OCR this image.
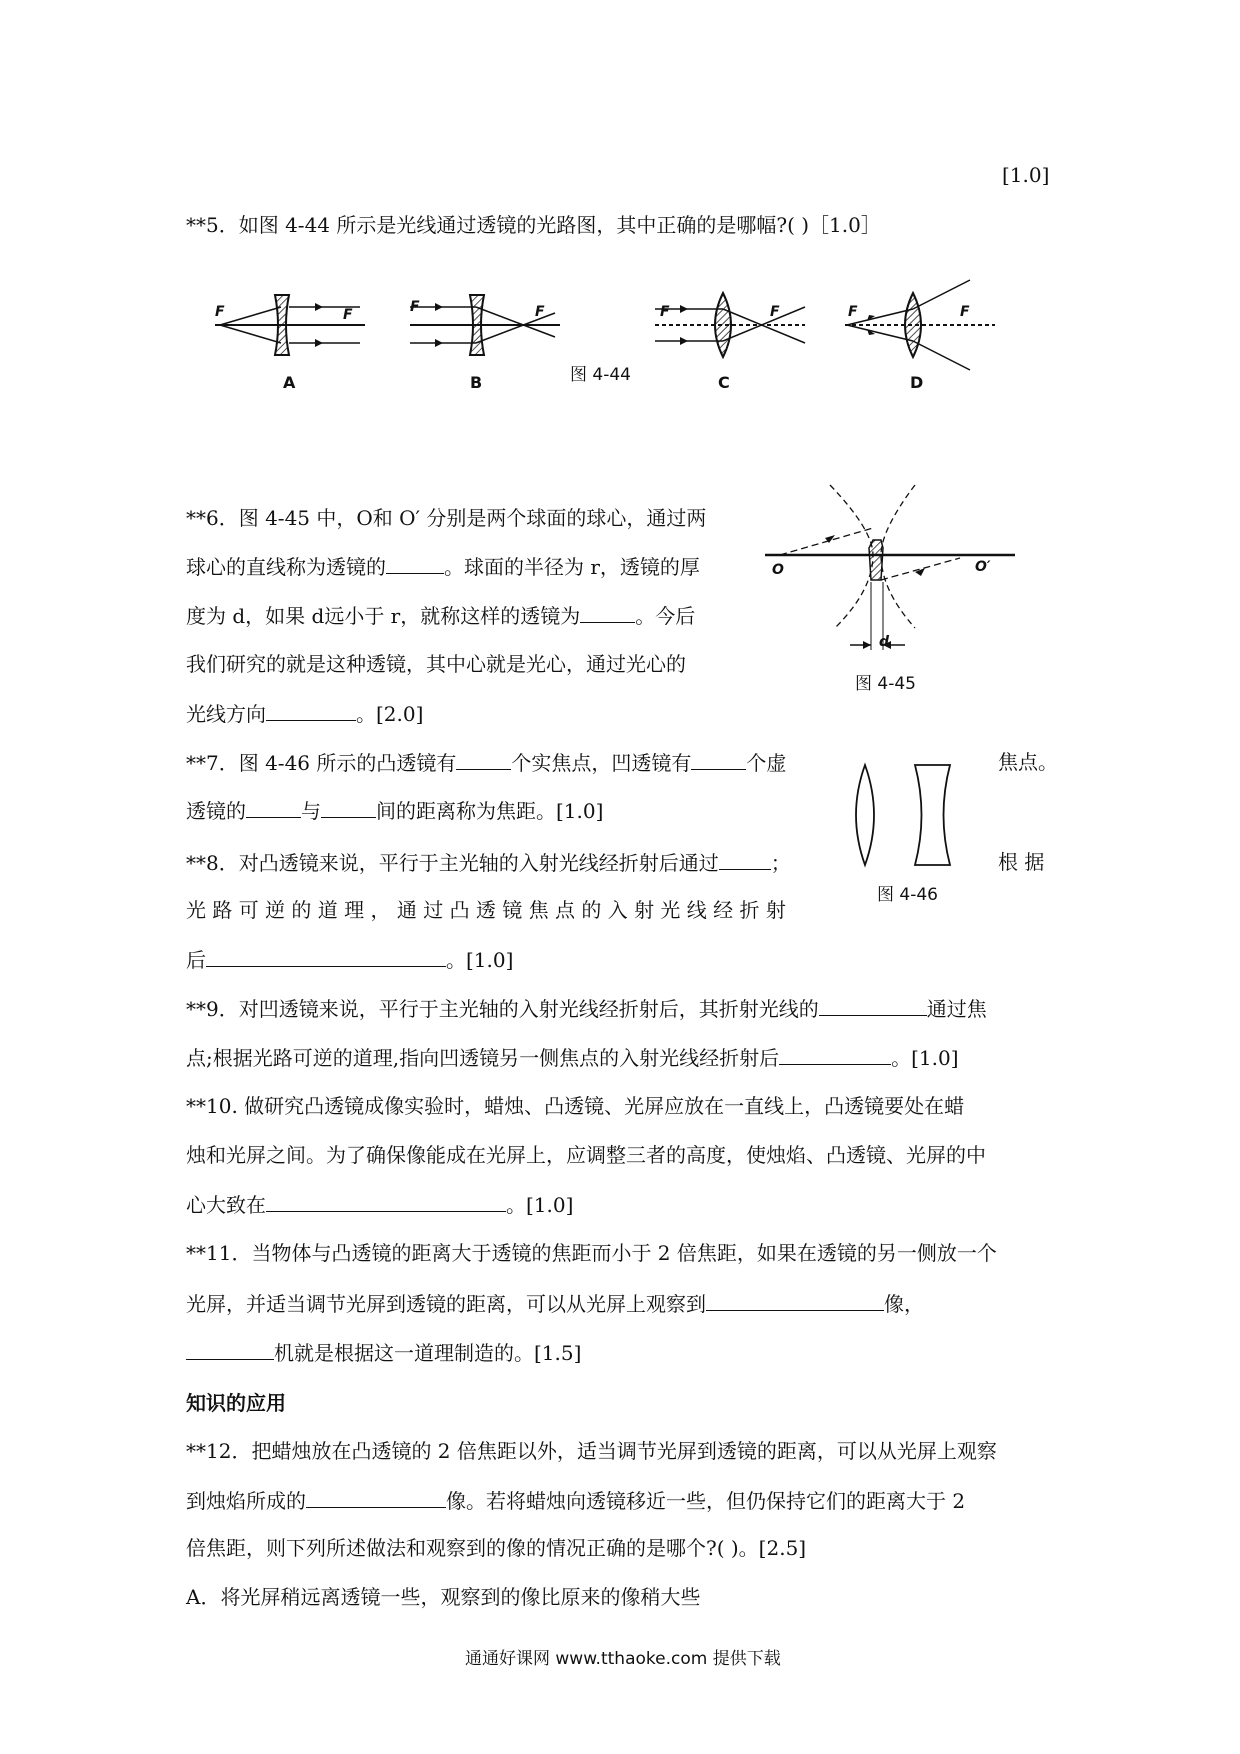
[1.0]
**5．如图 4-44 所示是光线通过透镜的光路图，其中正确的是哪幅?( )［1.0］
F	F
A
F	F
B
F	F
C
F	F
D
图 4-44
**6．图 4-45 中，O和 O′ 分别是两个球面的球心，通过两
球心的直线称为透镜的	。球面的半径为 r，透镜的厚
度为 d，如果 d远小于 r，就称这样的透镜为	。今后
我们研究的就是这种透镜，其中心就是光心，通过光心的
光线方向	。[2.0]
O	O′
d
图 4-45
**7．图 4-46 所示的凸透镜有	个实焦点，凹透镜有	个虚	焦点。
透镜的	与	间的距离称为焦距。[1.0]
图 4-46
**8．对凸透镜来说，平行于主光轴的入射光线经折射后通过	；	根 据
光 路 可 逆 的 道 理 ， 通 过 凸 透 镜 焦 点 的 入 射 光 线 经 折 射
后	。[1.0]
**9．对凹透镜来说，平行于主光轴的入射光线经折射后，其折射光线的	通过焦
点;根据光路可逆的道理,指向凹透镜另一侧焦点的入射光线经折射后	。[1.0]
**10. 做研究凸透镜成像实验时，蜡烛、凸透镜、光屏应放在一直线上，凸透镜要处在蜡
烛和光屏之间。为了确保像能成在光屏上，应调整三者的高度，使烛焰、凸透镜、光屏的中
心大致在	。[1.0]
**11．当物体与凸透镜的距离大于透镜的焦距而小于 2 倍焦距，如果在透镜的另一侧放一个
光屏，并适当调节光屏到透镜的距离，可以从光屏上观察到	像，
机就是根据这一道理制造的。[1.5]
知识的应用
**12．把蜡烛放在凸透镜的 2 倍焦距以外，适当调节光屏到透镜的距离，可以从光屏上观察
到烛焰所成的	像。若将蜡烛向透镜移近一些，但仍保持它们的距离大于 2
倍焦距，则下列所述做法和观察到的像的情况正确的是哪个?( )。[2.5]
A．将光屏稍远离透镜一些，观察到的像比原来的像稍大些
通通好课网 www.tthaoke.com 提供下载
